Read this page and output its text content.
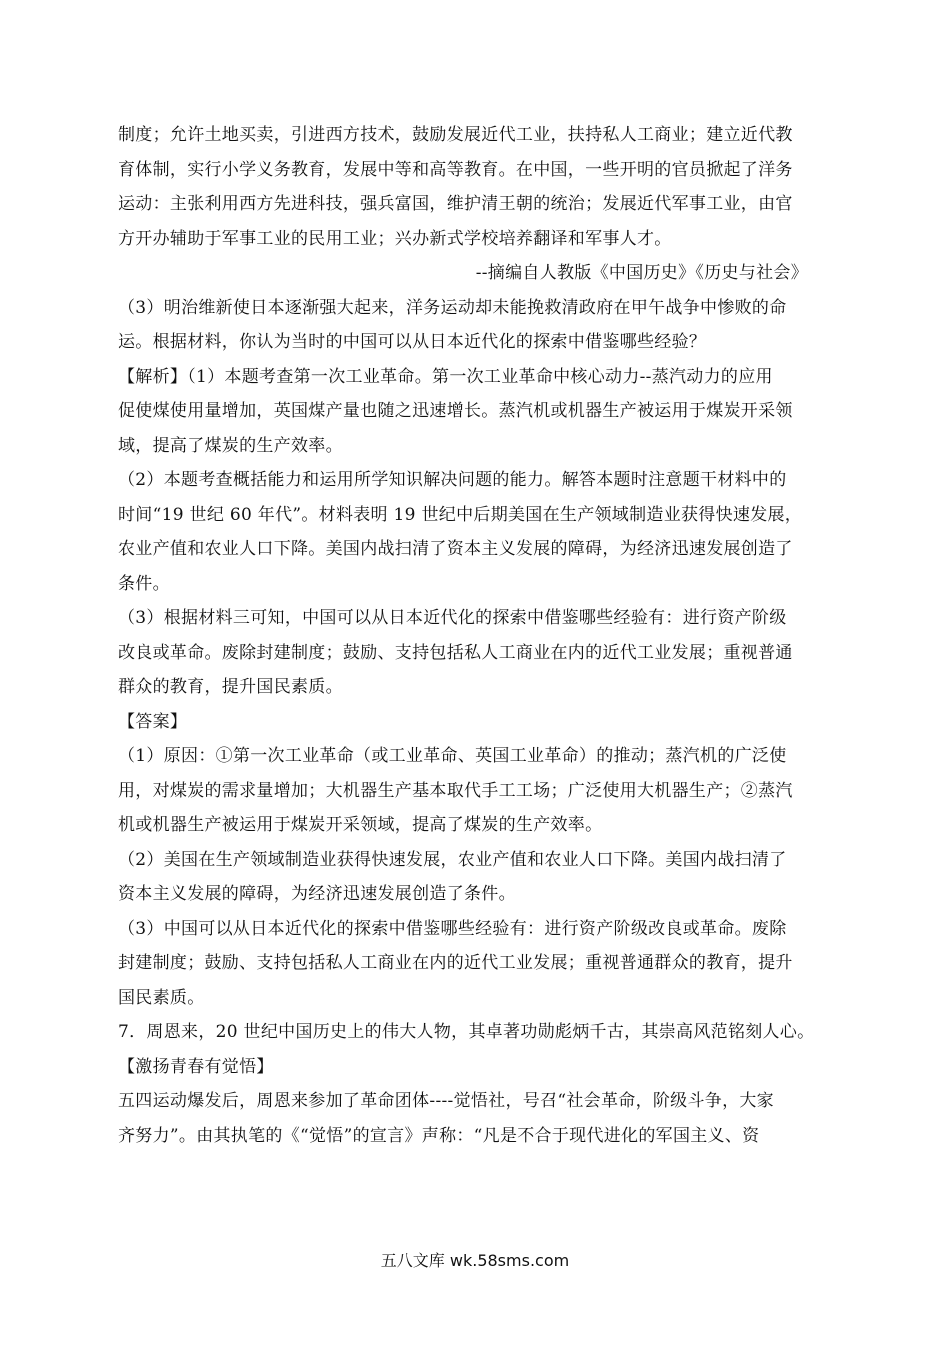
制度；允许土地买卖，引进西方技术，鼓励发展近代工业，扶持私人工商业；建立近代教
育体制，实行小学义务教育，发展中等和高等教育。在中国，一些开明的官员掀起了洋务
运动：主张利用西方先进科技，强兵富国，维护清王朝的统治；发展近代军事工业，由官
方开办辅助于军事工业的民用工业；兴办新式学校培养翻译和军事人才。
--摘编自人教版《中国历史》《历史与社会》
（3）明治维新使日本逐渐强大起来，洋务运动却未能挽救清政府在甲午战争中惨败的命
运。根据材料，你认为当时的中国可以从日本近代化的探索中借鉴哪些经验？
【解析】（1）本题考查第一次工业革命。第一次工业革命中核心动力--蒸汽动力的应用
促使煤使用量增加，英国煤产量也随之迅速增长。蒸汽机或机器生产被运用于煤炭开采领
域，提高了煤炭的生产效率。
（2）本题考查概括能力和运用所学知识解决问题的能力。解答本题时注意题干材料中的
时间“19 世纪 60 年代”。材料表明 19 世纪中后期美国在生产领域制造业获得快速发展，
农业产值和农业人口下降。美国内战扫清了资本主义发展的障碍，为经济迅速发展创造了
条件。
（3）根据材料三可知，中国可以从日本近代化的探索中借鉴哪些经验有：进行资产阶级
改良或革命。废除封建制度；鼓励、支持包括私人工商业在内的近代工业发展；重视普通
群众的教育，提升国民素质。
【答案】
（1）原因：①第一次工业革命（或工业革命、英国工业革命）的推动；蒸汽机的广泛使
用，对煤炭的需求量增加；大机器生产基本取代手工工场；广泛使用大机器生产；②蒸汽
机或机器生产被运用于煤炭开采领域，提高了煤炭的生产效率。
（2）美国在生产领域制造业获得快速发展，农业产值和农业人口下降。美国内战扫清了
资本主义发展的障碍，为经济迅速发展创造了条件。
（3）中国可以从日本近代化的探索中借鉴哪些经验有：进行资产阶级改良或革命。废除
封建制度；鼓励、支持包括私人工商业在内的近代工业发展；重视普通群众的教育，提升
国民素质。
7．周恩来，20 世纪中国历史上的伟大人物，其卓著功勋彪炳千古，其崇高风范铭刻人心。
【激扬青春有觉悟】
五四运动爆发后，周恩来参加了革命团体----觉悟社，号召“社会革命，阶级斗争，大家
齐努力”。由其执笔的《“觉悟”的宣言》声称：“凡是不合于现代进化的军国主义、资
五八文库 wk.58sms.com
